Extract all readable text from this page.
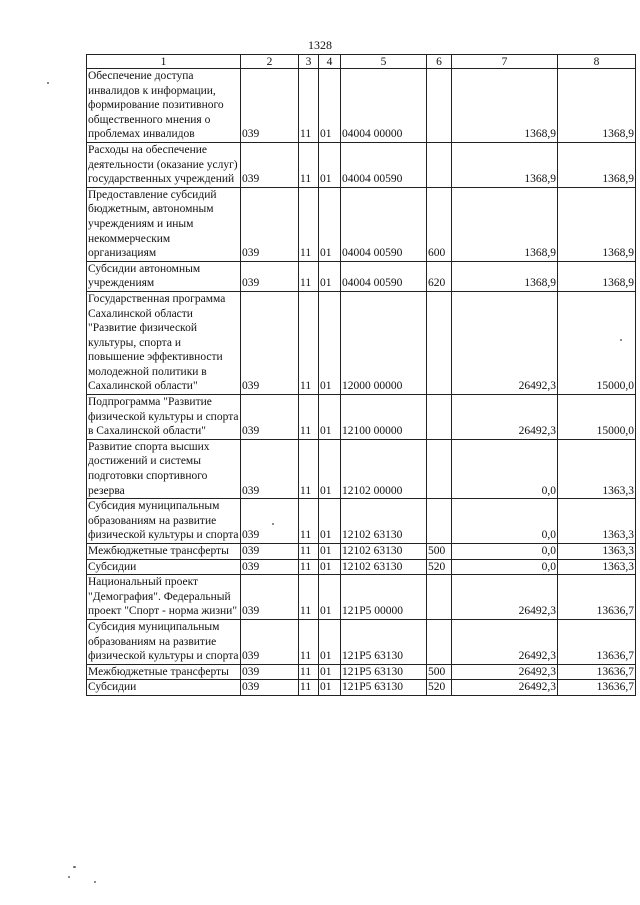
1328
1	2	3	4	5	6	7	8
Обеспечение доступа инвалидов к информации, формирование позитивного общественного мнения о проблемах инвалидов	039	11	01	04004 00000		1368,9	1368,9
Расходы на обеспечение деятельности (оказание услуг) государственных учреждений	039	11	01	04004 00590		1368,9	1368,9
Предоставление субсидий бюджетным, автономным учреждениям и иным некоммерческим организациям	039	11	01	04004 00590	600	1368,9	1368,9
Субсидии автономным учреждениям	039	11	01	04004 00590	620	1368,9	1368,9
Государственная программа Сахалинской области "Развитие физической культуры, спорта и повышение эффективности молодежной политики в Сахалинской области"	039	11	01	12000 00000		26492,3	15000,0
Подпрограмма "Развитие физической культуры и спорта в Сахалинской области"	039	11	01	12100 00000		26492,3	15000,0
Развитие спорта высших достижений и системы подготовки спортивного резерва	039	11	01	12102 00000		0,0	1363,3
Субсидия муниципальным образованиям на развитие физической культуры и спорта	039	11	01	12102 63130		0,0	1363,3
Межбюджетные трансферты	039	11	01	12102 63130	500	0,0	1363,3
Субсидии	039	11	01	12102 63130	520	0,0	1363,3
Национальный проект "Демография". Федеральный проект "Спорт - норма жизни"	039	11	01	121P5 00000		26492,3	13636,7
Субсидия муниципальным образованиям на развитие физической культуры и спорта	039	11	01	121P5 63130		26492,3	13636,7
Межбюджетные трансферты	039	11	01	121P5 63130	500	26492,3	13636,7
Субсидии	039	11	01	121P5 63130	520	26492,3	13636,7
